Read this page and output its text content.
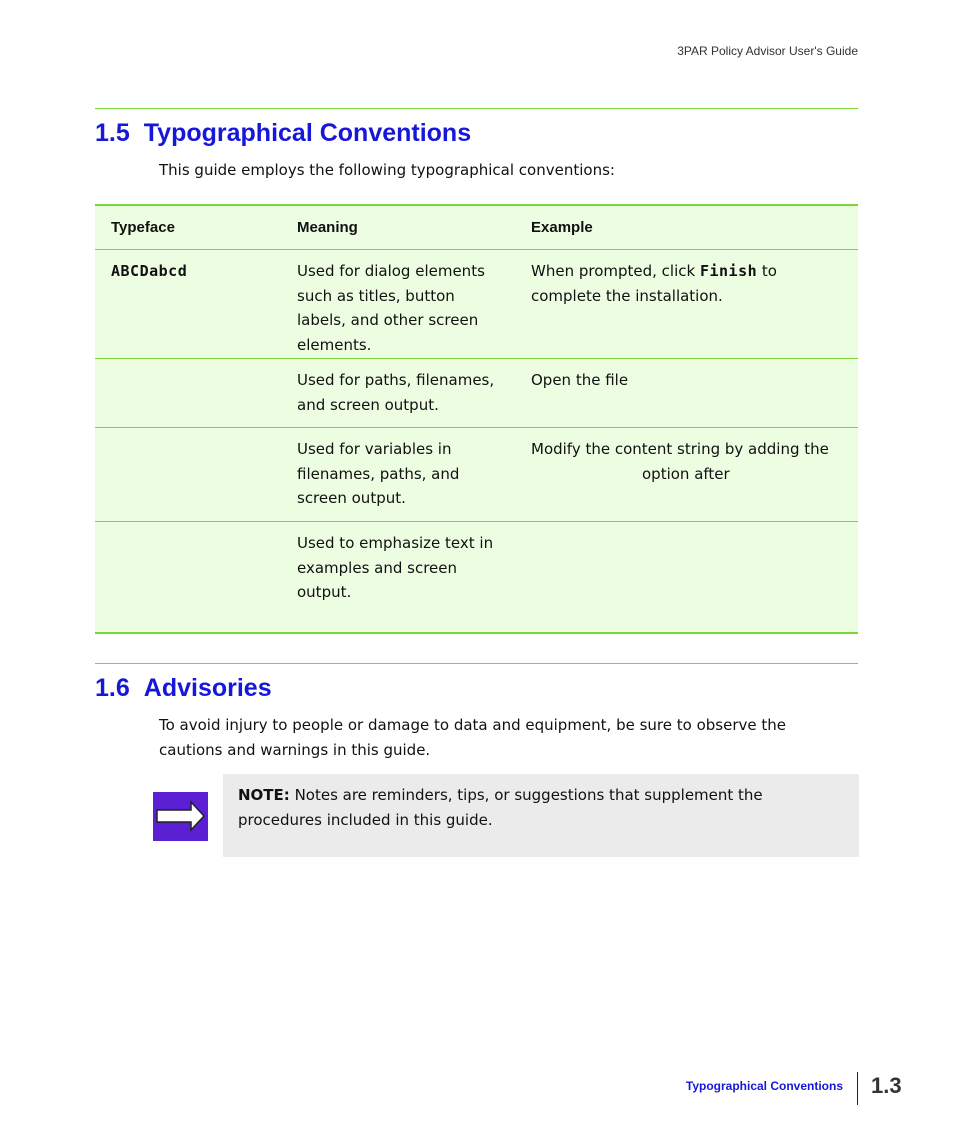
3PAR Policy Advisor User's Guide
1.5 Typographical Conventions

This guide employs the following typographical conventions:

Typeface	Meaning	Example
ABCDabcd	Used for dialog elements such as titles, button labels, and other screen elements.	When prompted, click Finish to complete the installation.
	Used for paths, filenames, and screen output.	Open the file
	Used for variables in filenames, paths, and screen output.	Modify the content string by adding the
option after

	Used to emphasize text in examples and screen output.	
1.6 Advisories

To avoid injury to people or damage to data and equipment, be sure to observe the cautions and warnings in this guide.

NOTE: Notes are reminders, tips, or suggestions that supplement the procedures included in this guide.

Typographical Conventions 1.3
